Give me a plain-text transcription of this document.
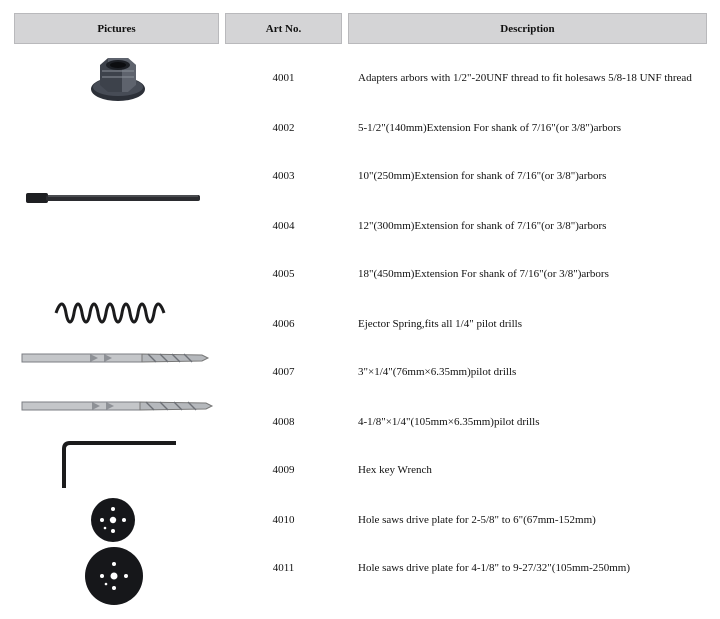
Pictures	Art No.	Description
4001	Adapters arbors with 1/2"-20UNF thread to fit holesaws 5/8-18 UNF thread
4002	5-1/2"(140mm)Extension For shank of 7/16"(or 3/8")arbors
4003	10"(250mm)Extension for shank of 7/16"(or 3/8")arbors
4004	12"(300mm)Extension for shank of 7/16"(or 3/8")arbors
4005	18"(450mm)Extension For shank of 7/16"(or 3/8")arbors
4006	Ejector Spring,fits all 1/4" pilot drills
4007	3"×1/4"(76mm×6.35mm)pilot drills
4008	4-1/8"×1/4"(105mm×6.35mm)pilot drills
4009	Hex key Wrench
4010	Hole saws drive plate for 2-5/8" to 6"(67mm-152mm)
4011	Hole saws drive plate for 4-1/8" to 9-27/32"(105mm-250mm)
